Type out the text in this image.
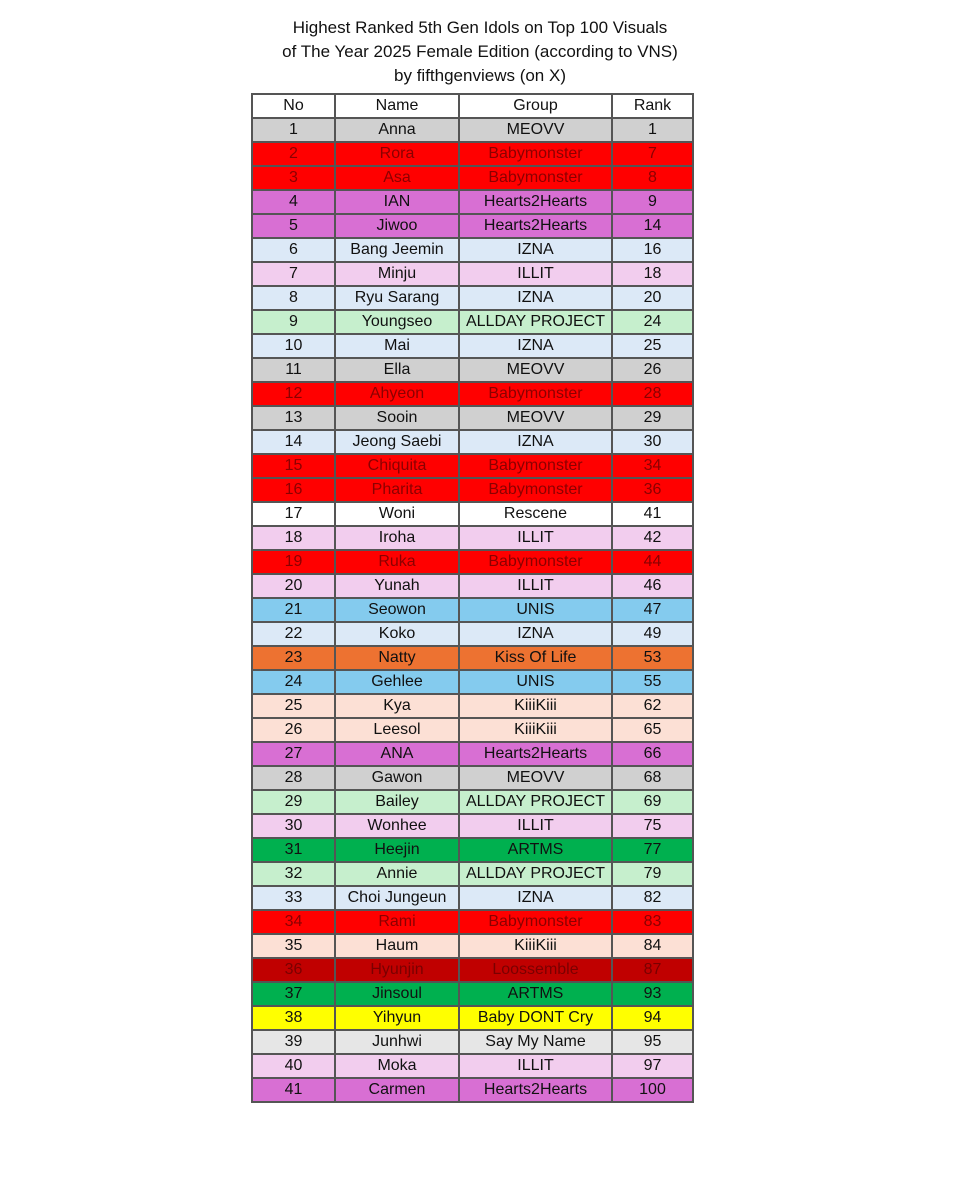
Highest Ranked 5th Gen Idols on Top 100 Visuals
of The Year 2025 Female Edition (according to VNS)
by fifthgenviews (on X)
No	Name	Group	Rank
1	Anna	MEOVV	1
2	Rora	Babymonster	7
3	Asa	Babymonster	8
4	IAN	Hearts2Hearts	9
5	Jiwoo	Hearts2Hearts	14
6	Bang Jeemin	IZNA	16
7	Minju	ILLIT	18
8	Ryu Sarang	IZNA	20
9	Youngseo	ALLDAY PROJECT	24
10	Mai	IZNA	25
11	Ella	MEOVV	26
12	Ahyeon	Babymonster	28
13	Sooin	MEOVV	29
14	Jeong Saebi	IZNA	30
15	Chiquita	Babymonster	34
16	Pharita	Babymonster	36
17	Woni	Rescene	41
18	Iroha	ILLIT	42
19	Ruka	Babymonster	44
20	Yunah	ILLIT	46
21	Seowon	UNIS	47
22	Koko	IZNA	49
23	Natty	Kiss Of Life	53
24	Gehlee	UNIS	55
25	Kya	KiiiKiii	62
26	Leesol	KiiiKiii	65
27	ANA	Hearts2Hearts	66
28	Gawon	MEOVV	68
29	Bailey	ALLDAY PROJECT	69
30	Wonhee	ILLIT	75
31	Heejin	ARTMS	77
32	Annie	ALLDAY PROJECT	79
33	Choi Jungeun	IZNA	82
34	Rami	Babymonster	83
35	Haum	KiiiKiii	84
36	Hyunjin	Loossemble	87
37	Jinsoul	ARTMS	93
38	Yihyun	Baby DONT Cry	94
39	Junhwi	Say My Name	95
40	Moka	ILLIT	97
41	Carmen	Hearts2Hearts	100
